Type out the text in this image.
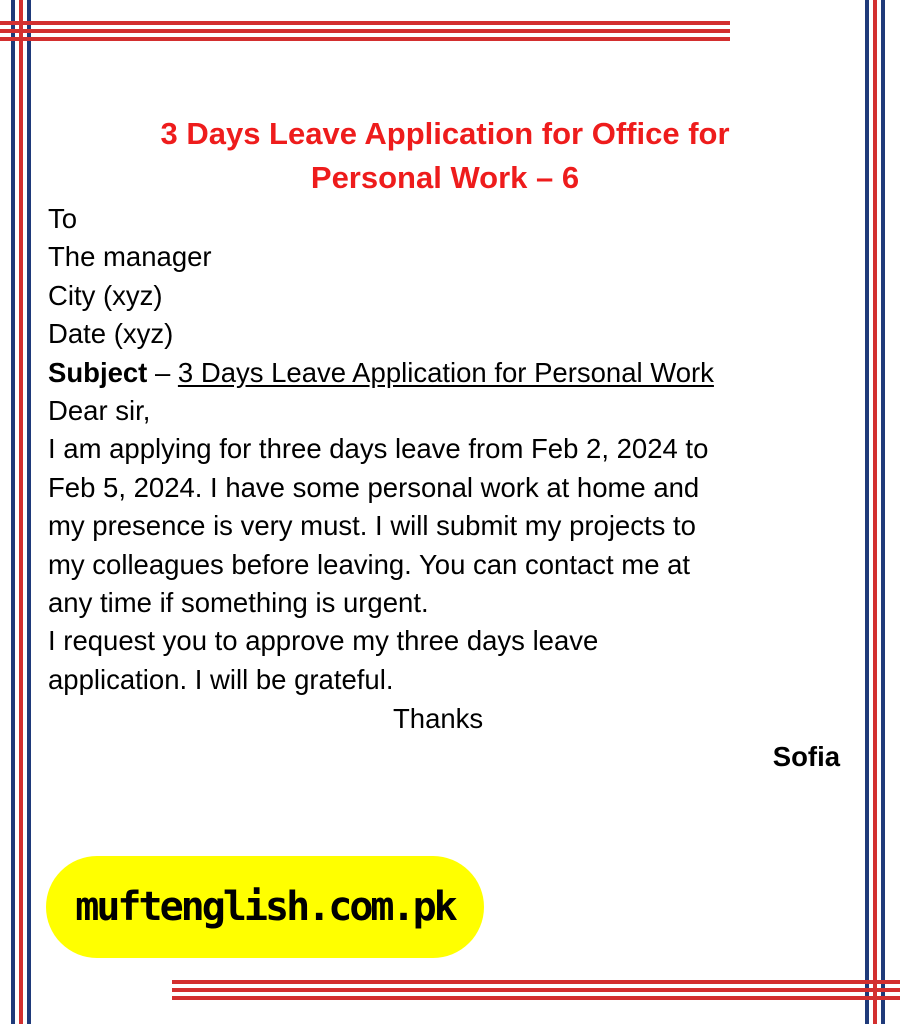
3 Days Leave Application for Office for
Personal Work – 6
To
The manager
City (xyz)
Date (xyz)
Subject – 3 Days Leave Application for Personal Work
Dear sir,
I am applying for three days leave from Feb 2, 2024 to
Feb 5, 2024. I have some personal work at home and
my presence is very must. I will submit my projects to
my colleagues before leaving. You can contact me at
any time if something is urgent.
I request you to approve my three days leave
application. I will be grateful.
Thanks
Sofia
muftenglish.com.pk
